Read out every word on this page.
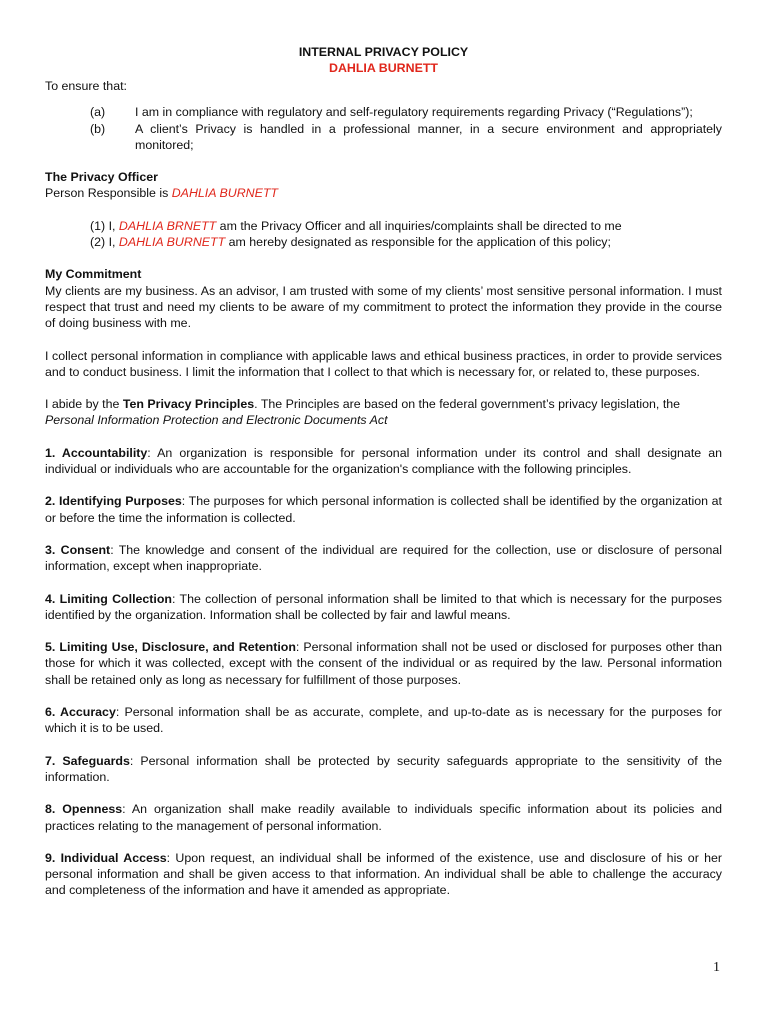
INTERNAL PRIVACY POLICY
DAHLIA BURNETT

To ensure that:

(a)	I am in compliance with regulatory and self-regulatory requirements regarding Privacy (“Regulations”);
(b)	A client’s Privacy is handled in a professional manner, in a secure environment and appropriately monitored;

The Privacy Officer

Person Responsible is DAHLIA BURNETT

(1) I, DAHLIA BRNETT am the Privacy Officer and all inquiries/complaints shall be directed to me

(2) I, DAHLIA BURNETT am hereby designated as responsible for the application of this policy;

My Commitment

My clients are my business. As an advisor, I am trusted with some of my clients’ most sensitive personal information. I must respect that trust and need my clients to be aware of my commitment to protect the information they provide in the course of doing business with me.

I collect personal information in compliance with applicable laws and ethical business practices, in order to provide services and to conduct business. I limit the information that I collect to that which is necessary for, or related to, these purposes.

I abide by the Ten Privacy Principles. The Principles are based on the federal government’s privacy legislation, the Personal Information Protection and Electronic Documents Act

1. Accountability: An organization is responsible for personal information under its control and shall designate an individual or individuals who are accountable for the organization's compliance with the following principles.

2. Identifying Purposes: The purposes for which personal information is collected shall be identified by the organization at or before the time the information is collected.

3. Consent: The knowledge and consent of the individual are required for the collection, use or disclosure of personal information, except when inappropriate.

4. Limiting Collection: The collection of personal information shall be limited to that which is necessary for the purposes identified by the organization. Information shall be collected by fair and lawful means.

5. Limiting Use, Disclosure, and Retention: Personal information shall not be used or disclosed for purposes other than those for which it was collected, except with the consent of the individual or as required by the law. Personal information shall be retained only as long as necessary for fulfillment of those purposes.

6. Accuracy: Personal information shall be as accurate, complete, and up-to-date as is necessary for the purposes for which it is to be used.

7. Safeguards: Personal information shall be protected by security safeguards appropriate to the sensitivity of the information.

8. Openness: An organization shall make readily available to individuals specific information about its policies and practices relating to the management of personal information.

9. Individual Access: Upon request, an individual shall be informed of the existence, use and disclosure of his or her personal information and shall be given access to that information. An individual shall be able to challenge the accuracy and completeness of the information and have it amended as appropriate.

1
